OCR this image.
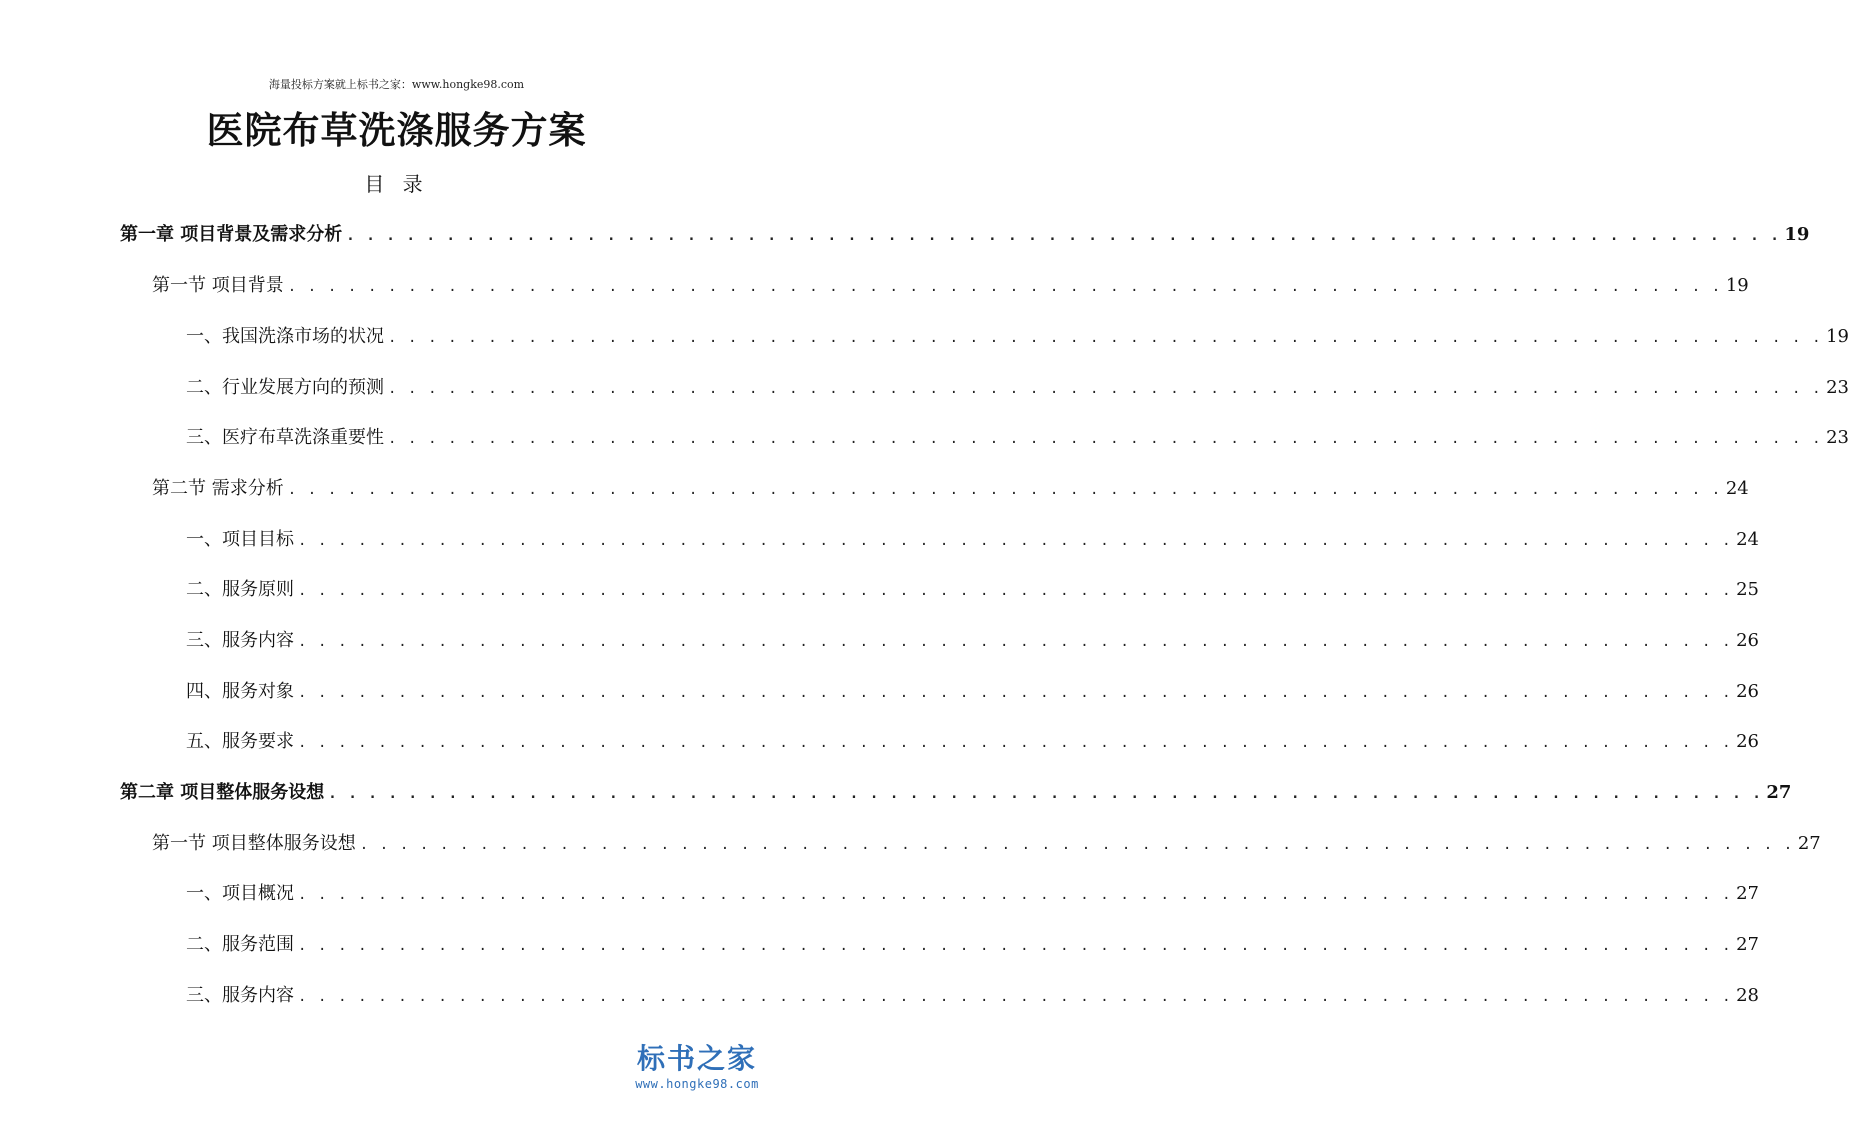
海量投标方案就上标书之家：www.hongke98.com
医院布草洗涤服务方案
目 录
第一章 项目背景及需求分析 . . . . . . . . . . . . . . . . . . . . . . . . . . . . . . . . . . . . . . . . . . . . . . . . . . . . . . . . . . . . . . . . . . . . . . . . 19
第一节 项目背景 . . . . . . . . . . . . . . . . . . . . . . . . . . . . . . . . . . . . . . . . . . . . . . . . . . . . . . . . . . . . . . . . . . . . . . . . 19
一、我国洗涤市场的状况 . . . . . . . . . . . . . . . . . . . . . . . . . . . . . . . . . . . . . . . . . . . . . . . . . . . . . . . . . . . . . . . . . . . . . . . . 19
二、行业发展方向的预测 . . . . . . . . . . . . . . . . . . . . . . . . . . . . . . . . . . . . . . . . . . . . . . . . . . . . . . . . . . . . . . . . . . . . . . . . 23
三、医疗布草洗涤重要性 . . . . . . . . . . . . . . . . . . . . . . . . . . . . . . . . . . . . . . . . . . . . . . . . . . . . . . . . . . . . . . . . . . . . . . . . 23
第二节 需求分析 . . . . . . . . . . . . . . . . . . . . . . . . . . . . . . . . . . . . . . . . . . . . . . . . . . . . . . . . . . . . . . . . . . . . . . . . 24
一、项目目标 . . . . . . . . . . . . . . . . . . . . . . . . . . . . . . . . . . . . . . . . . . . . . . . . . . . . . . . . . . . . . . . . . . . . . . . . 24
二、服务原则 . . . . . . . . . . . . . . . . . . . . . . . . . . . . . . . . . . . . . . . . . . . . . . . . . . . . . . . . . . . . . . . . . . . . . . . . 25
三、服务内容 . . . . . . . . . . . . . . . . . . . . . . . . . . . . . . . . . . . . . . . . . . . . . . . . . . . . . . . . . . . . . . . . . . . . . . . . 26
四、服务对象 . . . . . . . . . . . . . . . . . . . . . . . . . . . . . . . . . . . . . . . . . . . . . . . . . . . . . . . . . . . . . . . . . . . . . . . . 26
五、服务要求 . . . . . . . . . . . . . . . . . . . . . . . . . . . . . . . . . . . . . . . . . . . . . . . . . . . . . . . . . . . . . . . . . . . . . . . . 26
第二章 项目整体服务设想 . . . . . . . . . . . . . . . . . . . . . . . . . . . . . . . . . . . . . . . . . . . . . . . . . . . . . . . . . . . . . . . . . . . . . . . . 27
第一节 项目整体服务设想 . . . . . . . . . . . . . . . . . . . . . . . . . . . . . . . . . . . . . . . . . . . . . . . . . . . . . . . . . . . . . . . . . . . . . . . . 27
一、项目概况 . . . . . . . . . . . . . . . . . . . . . . . . . . . . . . . . . . . . . . . . . . . . . . . . . . . . . . . . . . . . . . . . . . . . . . . . 27
二、服务范围 . . . . . . . . . . . . . . . . . . . . . . . . . . . . . . . . . . . . . . . . . . . . . . . . . . . . . . . . . . . . . . . . . . . . . . . . 27
三、服务内容 . . . . . . . . . . . . . . . . . . . . . . . . . . . . . . . . . . . . . . . . . . . . . . . . . . . . . . . . . . . . . . . . . . . . . . . . 28
标书之家
www.hongke98.com
